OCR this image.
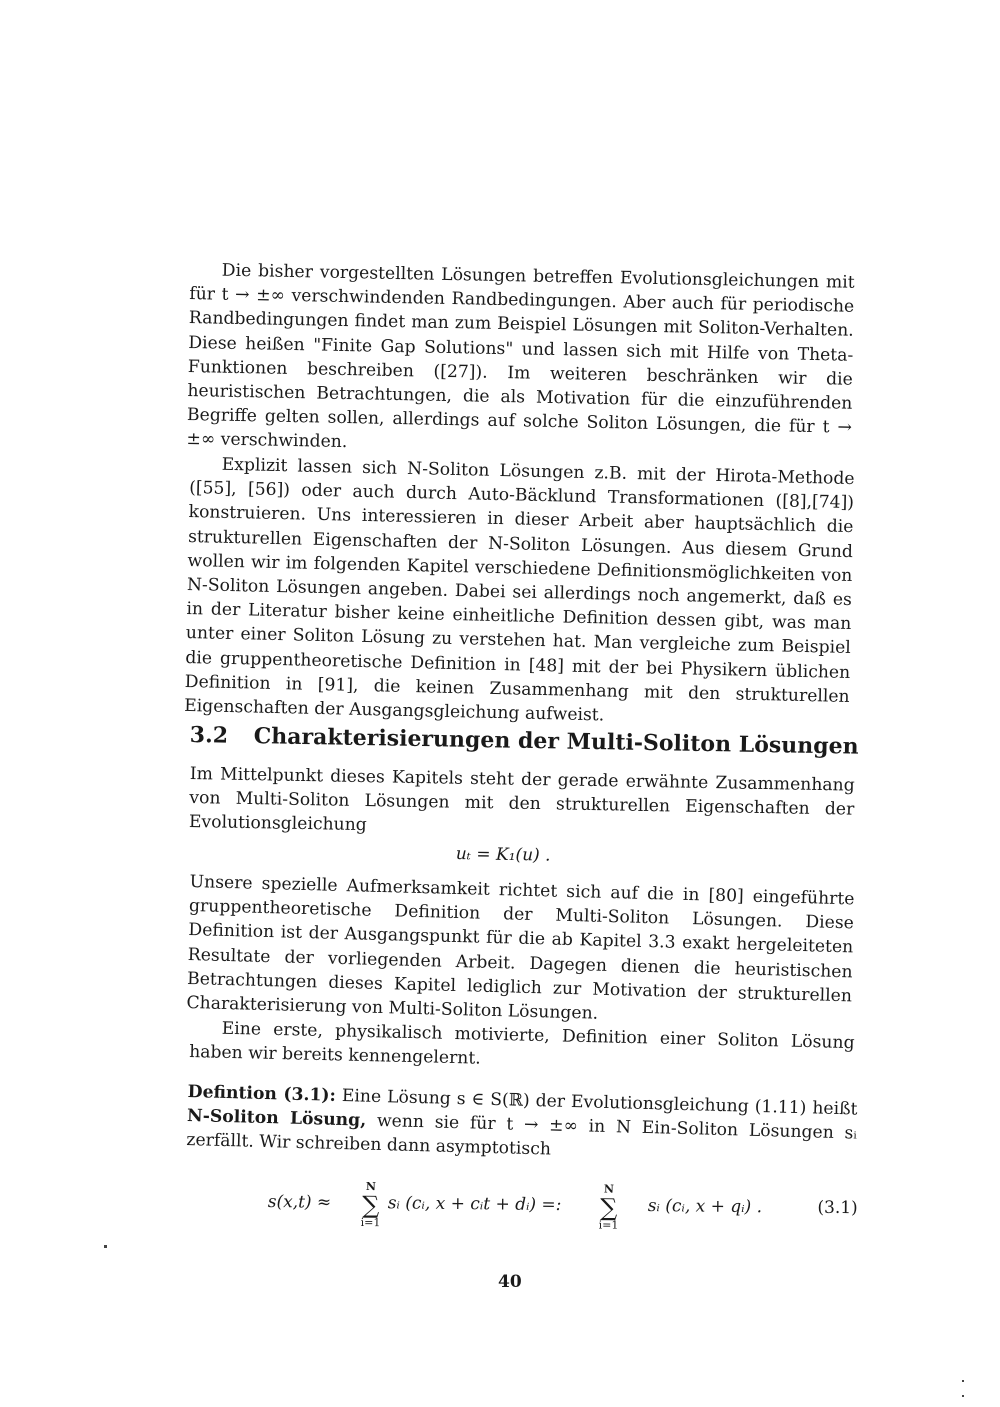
Die bisher vorgestellten Lösungen betreffen Evolutionsgleichungen mit für t → ±∞ verschwindenden Randbedingungen. Aber auch für periodische Randbedingungen findet man zum Beispiel Lösungen mit Soliton-Verhalten. Diese heißen "Finite Gap Solutions" und lassen sich mit Hilfe von Theta-Funktionen beschreiben ([27]). Im weiteren beschränken wir die heuristischen Betrachtungen, die als Motivation für die einzuführenden Begriffe gelten sollen, allerdings auf solche Soliton Lösungen, die für t → ±∞ verschwinden.

Explizit lassen sich N-Soliton Lösungen z.B. mit der Hirota-Methode ([55], [56]) oder auch durch Auto-Bäcklund Transformationen ([8],[74]) konstruieren. Uns interessieren in dieser Arbeit aber hauptsächlich die strukturellen Eigenschaften der N-Soliton Lösungen. Aus diesem Grund wollen wir im folgenden Kapitel verschiedene Definitionsmöglichkeiten von N-Soliton Lösungen angeben. Dabei sei allerdings noch angemerkt, daß es in der Literatur bisher keine einheitliche Definition dessen gibt, was man unter einer Soliton Lösung zu verstehen hat. Man vergleiche zum Beispiel die gruppentheoretische Definition in [48] mit der bei Physikern üblichen Definition in [91], die keinen Zusammenhang mit den strukturellen Eigenschaften der Ausgangsgleichung aufweist.

3.2 Charakterisierungen der Multi-Soliton Lösungen

Im Mittelpunkt dieses Kapitels steht der gerade erwähnte Zusammenhang von Multi-Soliton Lösungen mit den strukturellen Eigenschaften der Evolutionsgleichung

uₜ = K₁(u) .

Unsere spezielle Aufmerksamkeit richtet sich auf die in [80] eingeführte gruppentheoretische Definition der Multi-Soliton Lösungen. Diese Definition ist der Ausgangspunkt für die ab Kapitel 3.3 exakt hergeleiteten Resultate der vorliegenden Arbeit. Dagegen dienen die heuristischen Betrachtungen dieses Kapitel lediglich zur Motivation der strukturellen Charakterisierung von Multi-Soliton Lösungen.

Eine erste, physikalisch motivierte, Definition einer Soliton Lösung haben wir bereits kennengelernt.

Defintion (3.1): Eine Lösung s ∈ S(ℝ) der Evolutionsgleichung (1.11) heißt N-Soliton Lösung, wenn sie für t → ±∞ in N Ein-Soliton Lösungen sᵢ zerfällt. Wir schreiben dann asymptotisch
s(x,t) ≈
N
∑
i=1
sᵢ (cᵢ, x + cᵢt + dᵢ) =:
N
∑
i=1
sᵢ (cᵢ, x + qᵢ) .	(3.1)
40
